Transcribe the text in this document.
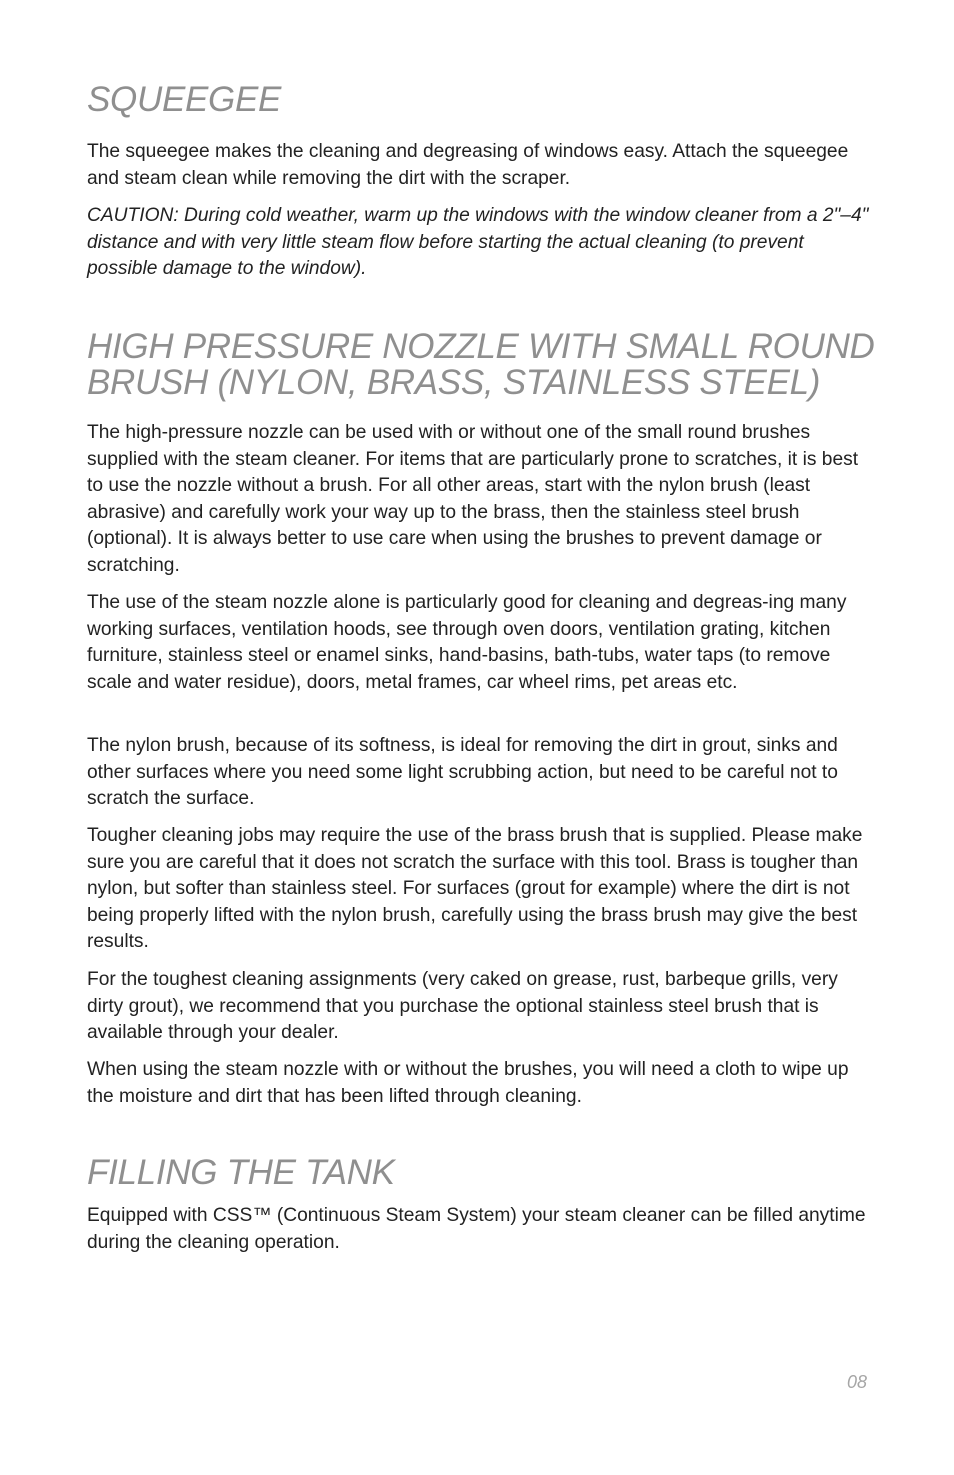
SQUEEGEE

The squeegee makes the cleaning and degreasing of windows easy. Attach the squeegee and steam clean while removing the dirt with the scraper.

CAUTION: During cold weather, warm up the windows with the window cleaner from a 2"–4" distance and with very little steam flow before starting the actual cleaning (to prevent possible damage to the window).

HIGH PRESSURE NOZZLE WITH SMALL ROUND BRUSH (NYLON, BRASS, STAINLESS STEEL)

The high-pressure nozzle can be used with or without one of the small round brushes supplied with the steam cleaner. For items that are particularly prone to scratches, it is best to use the nozzle without a brush. For all other areas, start with the nylon brush (least abrasive) and carefully work your way up to the brass, then the stainless steel brush (optional). It is always better to use care when using the brushes to prevent damage or scratching.

The use of the steam nozzle alone is particularly good for cleaning and degreas-ing many working surfaces, ventilation hoods, see through oven doors, ventilation grating, kitchen furniture, stainless steel or enamel sinks, hand-basins, bath-tubs, water taps (to remove scale and water residue), doors, metal frames, car wheel rims, pet areas etc.

The nylon brush, because of its softness, is ideal for removing the dirt in grout, sinks and other surfaces where you need some light scrubbing action, but need to be careful not to scratch the surface.

Tougher cleaning jobs may require the use of the brass brush that is supplied. Please make sure you are careful that it does not scratch the surface with this tool. Brass is tougher than nylon, but softer than stainless steel. For surfaces (grout for example) where the dirt is not being properly lifted with the nylon brush, carefully using the brass brush may give the best results.

For the toughest cleaning assignments (very caked on grease, rust, barbeque grills, very dirty grout), we recommend that you purchase the optional stainless steel brush that is available through your dealer.

When using the steam nozzle with or without the brushes, you will need a cloth to wipe up the moisture and dirt that has been lifted through cleaning.

FILLING THE TANK

Equipped with CSS™ (Continuous Steam System) your steam cleaner can be filled anytime during the cleaning operation.

08
